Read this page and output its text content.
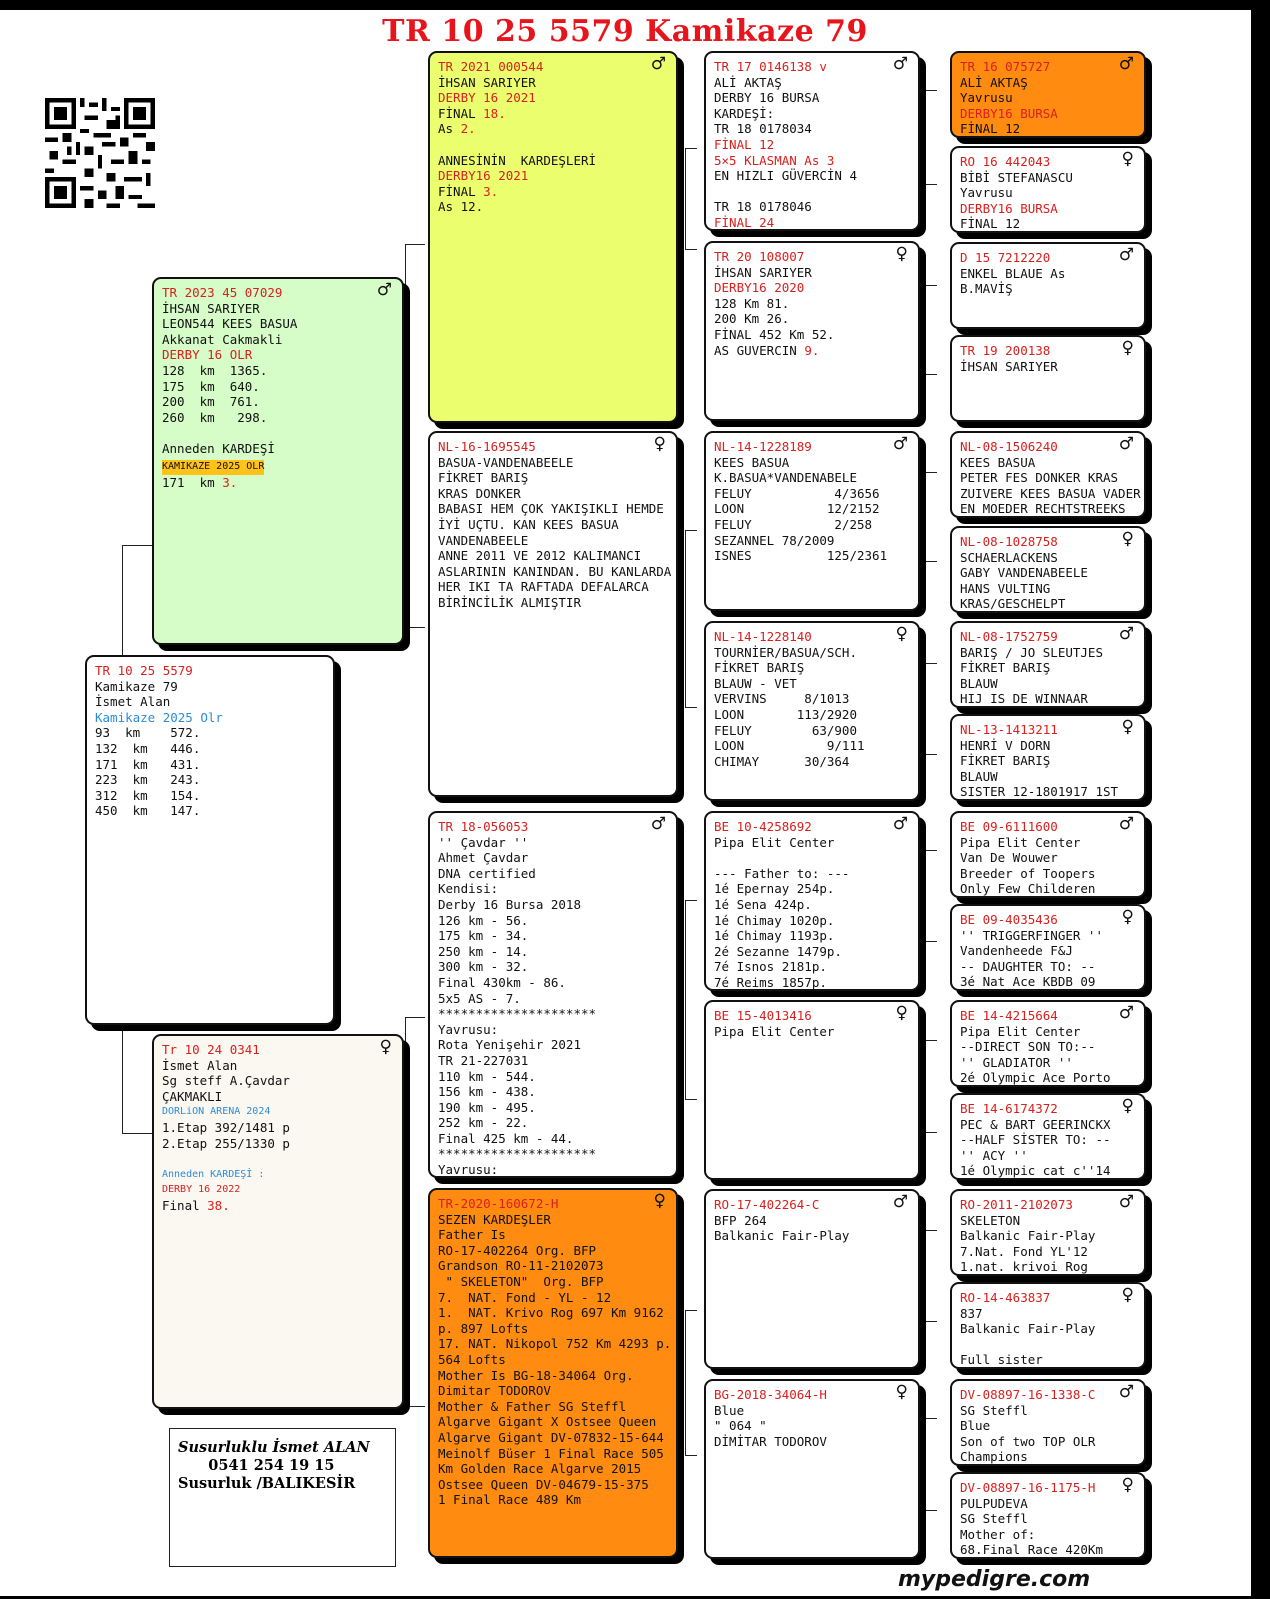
TR 10 25 5579 Kamikaze 79
TR 10 25 5579
Kamikaze 79
İsmet Alan
Kamikaze 2025 Olr
93  km    572.
132  km   446.
171  km   431.
223  km   243.
312  km   154.
450  km   147.
♂
TR 2023 45 07029
İHSAN SARIYER
LEON544 KEES BASUA
Akkanat Cakmakli
DERBY 16 OLR
128  km  1365.
175  km  640.
200  km  761.
260  km   298.
Anneden KARDEŞİ
KAMIKAZE 2025 OLR

171  km 3.
♀
Tr 10 24 0341
İsmet Alan
Sg steff A.Çavdar
ÇAKMAKLI
DORLiON ARENA 2024
1.Etap 392/1481 p
2.Etap 255/1330 p
Anneden KARDEŞİ :
DERBY 16 2022
Final 38.
♂
TR 2021 000544
İHSAN SARIYER
DERBY 16 2021
FİNAL 18.
As 2.
ANNESİNİN  KARDEŞLERİ
DERBY16 2021
FİNAL 3.
As 12.
♀
NL-16-1695545
BASUA-VANDENABEELE
FİKRET BARIŞ
KRAS DONKER
BABASI HEM ÇOK YAKIŞIKLI HEMDE
İYİ UÇTU. KAN KEES BASUA
VANDENABEELE
ANNE 2011 VE 2012 KALIMANCI
ASLARININ KANINDAN. BU KANLARDA
HER IKI TA RAFTADA DEFALARCA
BİRİNCİLİK ALMIŞTIR
♂
TR 18-056053
'' Çavdar ''
Ahmet Çavdar
DNA certified
Kendisi:
Derby 16 Bursa 2018
126 km - 56.
175 km - 34.
250 km - 14.
300 km - 32.
Final 430km - 86.
5x5 AS - 7.
*********************
Yavrusu:
Rota Yenişehir 2021
TR 21-227031
110 km - 544.
156 km - 438.
190 km - 495.
252 km - 22.
Final 425 km - 44.
*********************
Yavrusu:
♀
TR-2020-160672-H
SEZEN KARDEŞLER
Father Is
RO-17-402264 Org. BFP
Grandson RO-11-2102073
" SKELETON"  Org. BFP
7.  NAT. Fond - YL - 12
1.  NAT. Krivo Rog 697 Km 9162
p. 897 Lofts
17. NAT. Nikopol 752 Km 4293 p.
564 Lofts
Mother Is BG-18-34064 Org.
Dimitar TODOROV
Mother & Father SG Steffl
Algarve Gigant X Ostsee Queen
Algarve Gigant DV-07832-15-644
Meinolf Büser 1 Final Race 505
Km Golden Race Algarve 2015
Ostsee Queen DV-04679-15-375
1 Final Race 489 Km
♂
TR 17 0146138 v
ALİ AKTAŞ
DERBY 16 BURSA
KARDEŞİ:
TR 18 0178034
FİNAL 12
5×5 KLASMAN As 3
EN HIZLI GÜVERCİN 4
TR 18 0178046
FİNAL 24
♀
TR 20 108007
İHSAN SARIYER
DERBY16 2020
128 Km 81.
200 Km 26.
FİNAL 452 Km 52.
AS GUVERCIN 9.
♂
NL-14-1228189
KEES BASUA
K.BASUA*VANDENABELE
FELUY           4/3656
LOON           12/2152
FELUY           2/258
SEZANNEL 78/2009
ISNES          125/2361
♀
NL-14-1228140
TOURNİER/BASUA/SCH.
FİKRET BARIŞ
BLAUW - VET
VERVINS     8/1013
LOON       113/2920
FELUY        63/900
LOON           9/111
CHIMAY      30/364
♂
BE 10-4258692
Pipa Elit Center
--- Father to: ---
1é Epernay 254p.
1é Sena 424p.
1é Chimay 1020p.
1é Chimay 1193p.
2é Sezanne 1479p.
7é Isnos 2181p.
7é Reims 1857p.
♀
BE 15-4013416
Pipa Elit Center
♂
RO-17-402264-C
BFP 264
Balkanic Fair-Play
♀
BG-2018-34064-H
Blue
" 064 "
DİMİTAR TODOROV
♂
TR 16 075727
ALİ AKTAŞ
Yavrusu
DERBY16 BURSA
FİNAL 12
♀
RO 16 442043
BİBİ STEFANASCU
Yavrusu
DERBY16 BURSA
FİNAL 12
♂
D 15 7212220
ENKEL BLAUE As
B.MAVİŞ
♀
TR 19 200138
İHSAN SARIYER
♂
NL-08-1506240
KEES BASUA
PETER FES DONKER KRAS
ZUIVERE KEES BASUA VADER
EN MOEDER RECHTSTREEKS
♀
NL-08-1028758
SCHAERLACKENS
GABY VANDENABEELE
HANS VULTING
KRAS/GESCHELPT
♂
NL-08-1752759
BARIŞ / JO SLEUTJES
FİKRET BARIŞ
BLAUW
HIJ IS DE WINNAAR
♀
NL-13-1413211
HENRİ V DORN
FİKRET BARIŞ
BLAUW
SISTER 12-1801917 1ST
♂
BE 09-6111600
Pipa Elit Center
Van De Wouwer
Breeder of Toopers
Only Few Childeren
♀
BE 09-4035436
'' TRIGGERFINGER ''
Vandenheede F&J
-- DAUGHTER TO: --
3é Nat Ace KBDB 09
♂
BE 14-4215664
Pipa Elit Center
--DIRECT SON TO:--
'' GLADIATOR ''
2é Olympic Ace Porto
♀
BE 14-6174372
PEC & BART GEERINCKX
--HALF SİSTER TO: --
'' ACY ''
1é Olympic cat c''14
♂
RO-2011-2102073
SKELETON
Balkanic Fair-Play
7.Nat. Fond YL'12
1.nat. krivoi Rog
♀
RO-14-463837
837
Balkanic Fair-Play
Full sister
♂
DV-08897-16-1338-C
SG Steffl
Blue
Son of two TOP OLR
Champions
♀
DV-08897-16-1175-H
PULPUDEVA
SG Steffl
Mother of:
68.Final Race 420Km
Susurluklu İsmet ALAN
0541 254 19 15
Susurluk /BALIKESİR
mypedigre.com
